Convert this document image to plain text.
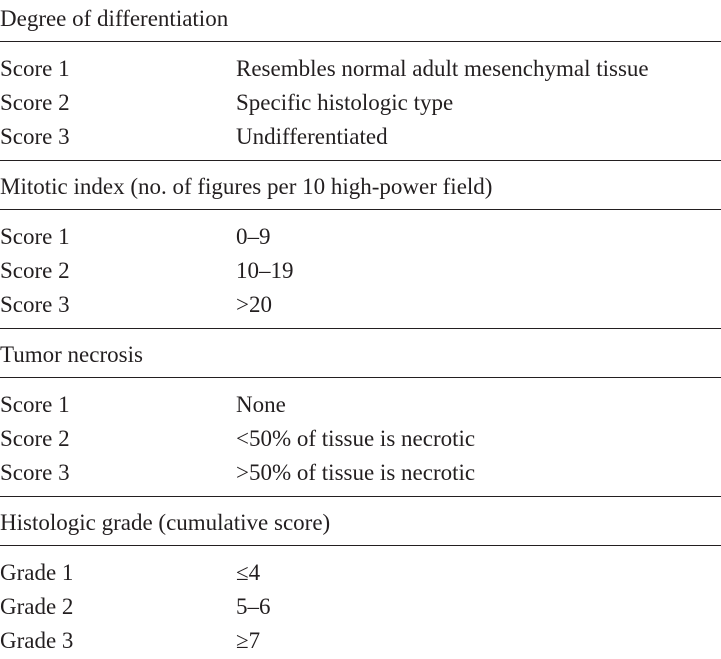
Degree of differentiation
Score 1	Resembles normal adult mesenchymal tissue
Score 2	Specific histologic type
Score 3	Undifferentiated
Mitotic index (no. of figures per 10 high-power field)
Score 1	0–9
Score 2	10–19
Score 3	>20
Tumor necrosis
Score 1	None
Score 2	<50% of tissue is necrotic
Score 3	>50% of tissue is necrotic
Histologic grade (cumulative score)
Grade 1	≤4
Grade 2	5–6
Grade 3	≥7
